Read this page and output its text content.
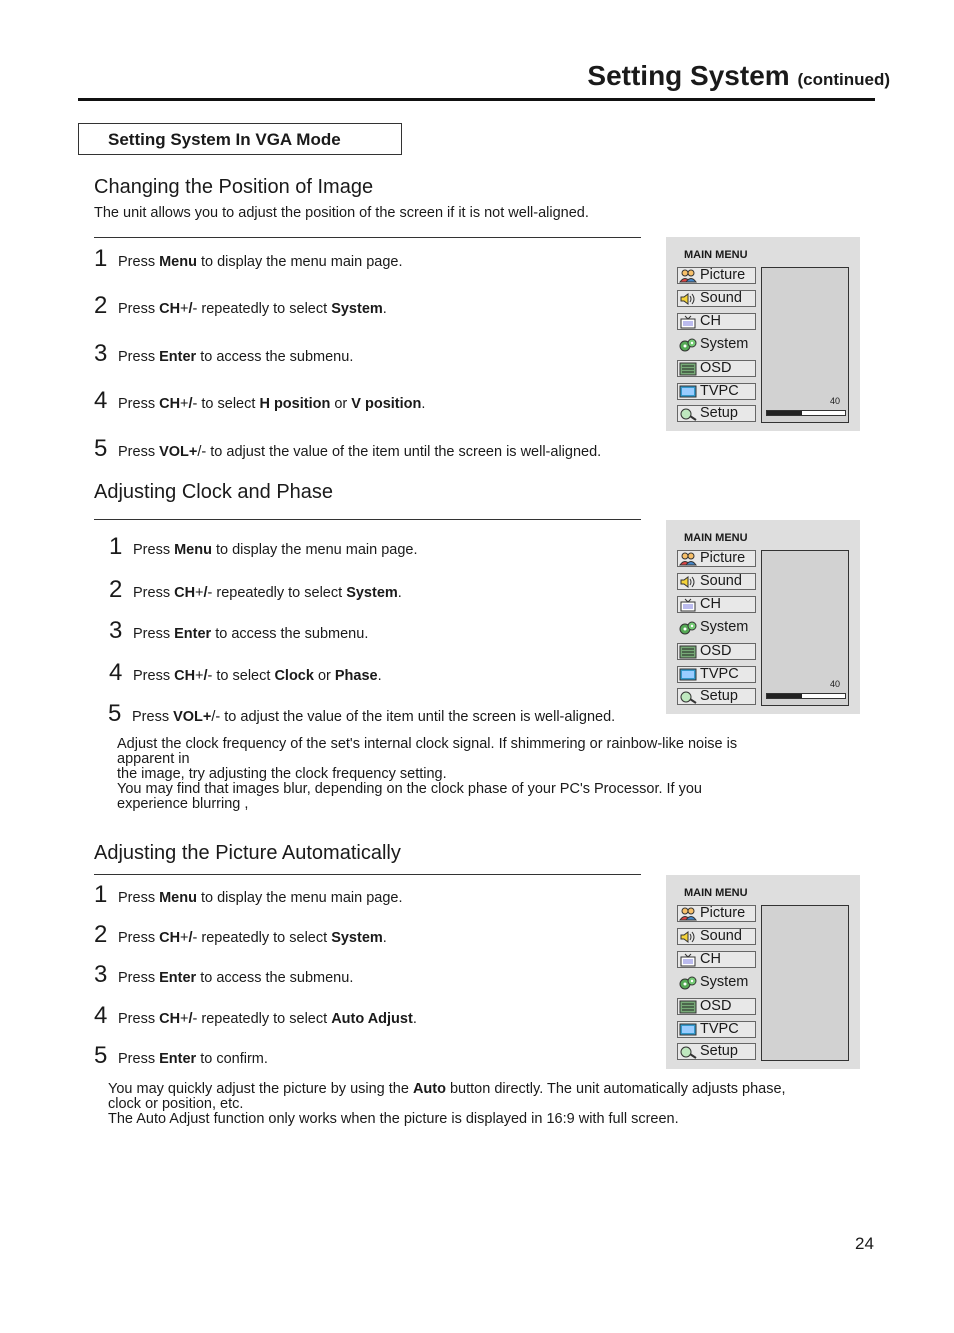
Setting System (continued)
Setting System In VGA Mode
Changing the Position of Image
The unit allows you to adjust the position of the screen if it is not well-aligned.
Adjusting Clock and Phase
Adjust the clock frequency of the set's internal clock signal. If shimmering or rainbow-like noise is
apparent in
the image, try adjusting the clock frequency setting.
You may find that images blur, depending on the clock phase of your PC's Processor. If you
experience blurring ,
Adjusting the Picture Automatically
You may quickly adjust the picture by using the Auto button directly. The unit automatically adjusts phase,
clock or position, etc.
The Auto Adjust function only works when the picture is displayed in 16:9 with full screen.
MAIN MENU
40
Picture
Sound
CH
System
OSD
TVPC
Setup
MAIN MENU
40
Picture
Sound
CH
System
OSD
TVPC
Setup
MAIN MENU
Picture
Sound
CH
System
OSD
TVPC
Setup
24
1 Press Menu to display the menu main page.
2 Press CH+/- repeatedly to select System.
3 Press Enter to access the submenu.
4 Press CH+/- to select H position or V position.
5 Press VOL+/- to adjust the value of the item until the screen is well-aligned.
1 Press Menu to display the menu main page.
2 Press CH+/- repeatedly to select System.
3 Press Enter to access the submenu.
4 Press CH+/- to select Clock or Phase.
5 Press VOL+/- to adjust the value of the item until the screen is well-aligned.
1 Press Menu to display the menu main page.
2 Press CH+/- repeatedly to select System.
3 Press Enter to access the submenu.
4 Press CH+/- repeatedly to select Auto Adjust.
5 Press Enter to confirm.
